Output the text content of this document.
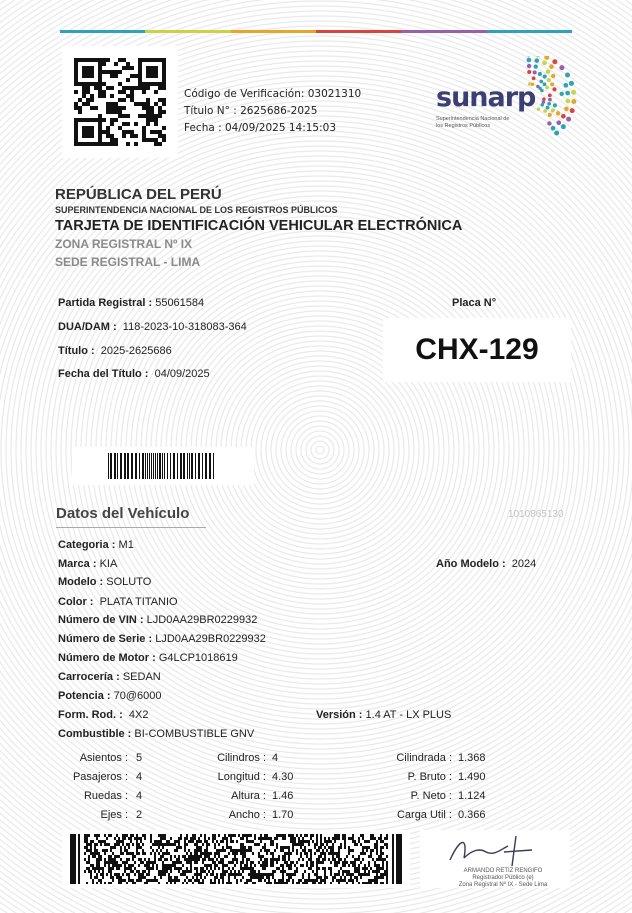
Código de Verificación: 03021310
Título N° : 2625686-2025
Fecha : 04/09/2025 14:15:03
sunarp
Superintendencia Nacional de los Registros Públicos
REPÚBLICA DEL PERÚ
SUPERINTENDENCIA NACIONAL DE LOS REGISTROS PÚBLICOS
TARJETA DE IDENTIFICACIÓN VEHICULAR ELECTRÓNICA
ZONA REGISTRAL Nº IX
SEDE REGISTRAL - LIMA
Partida Registral : 55061584
DUA/DAM : 118-2023-10-318083-364
Título : 2025-2625686
Fecha del Título : 04/09/2025
Placa N°
CHX-129
Datos del Vehículo	1010865130
Categoria : M1
Marca : KIA	Año Modelo : 2024
Modelo : SOLUTO
Color : PLATA TITANIO
Número de VIN : LJD0AA29BR0229932
Número de Serie : LJD0AA29BR0229932
Número de Motor : G4LCP1018619
Carrocería : SEDAN
Potencia : 70@6000
Form. Rod. : 4X2	Versión : 1.4 AT - LX PLUS
Combustible : BI-COMBUSTIBLE GNV
Asientos : 5	Cilindros : 4	Cilindrada : 1.368
Pasajeros : 4	Longitud : 4.30	P. Bruto : 1.490
Ruedas : 4	Altura : 1.46	P. Neto : 1.124
Ejes : 2	Ancho : 1.70	Carga Util : 0.366
ARMANDO RETIZ RENGIFO
Registrador Público (e)
Zona Registral Nº IX - Sede Lima
